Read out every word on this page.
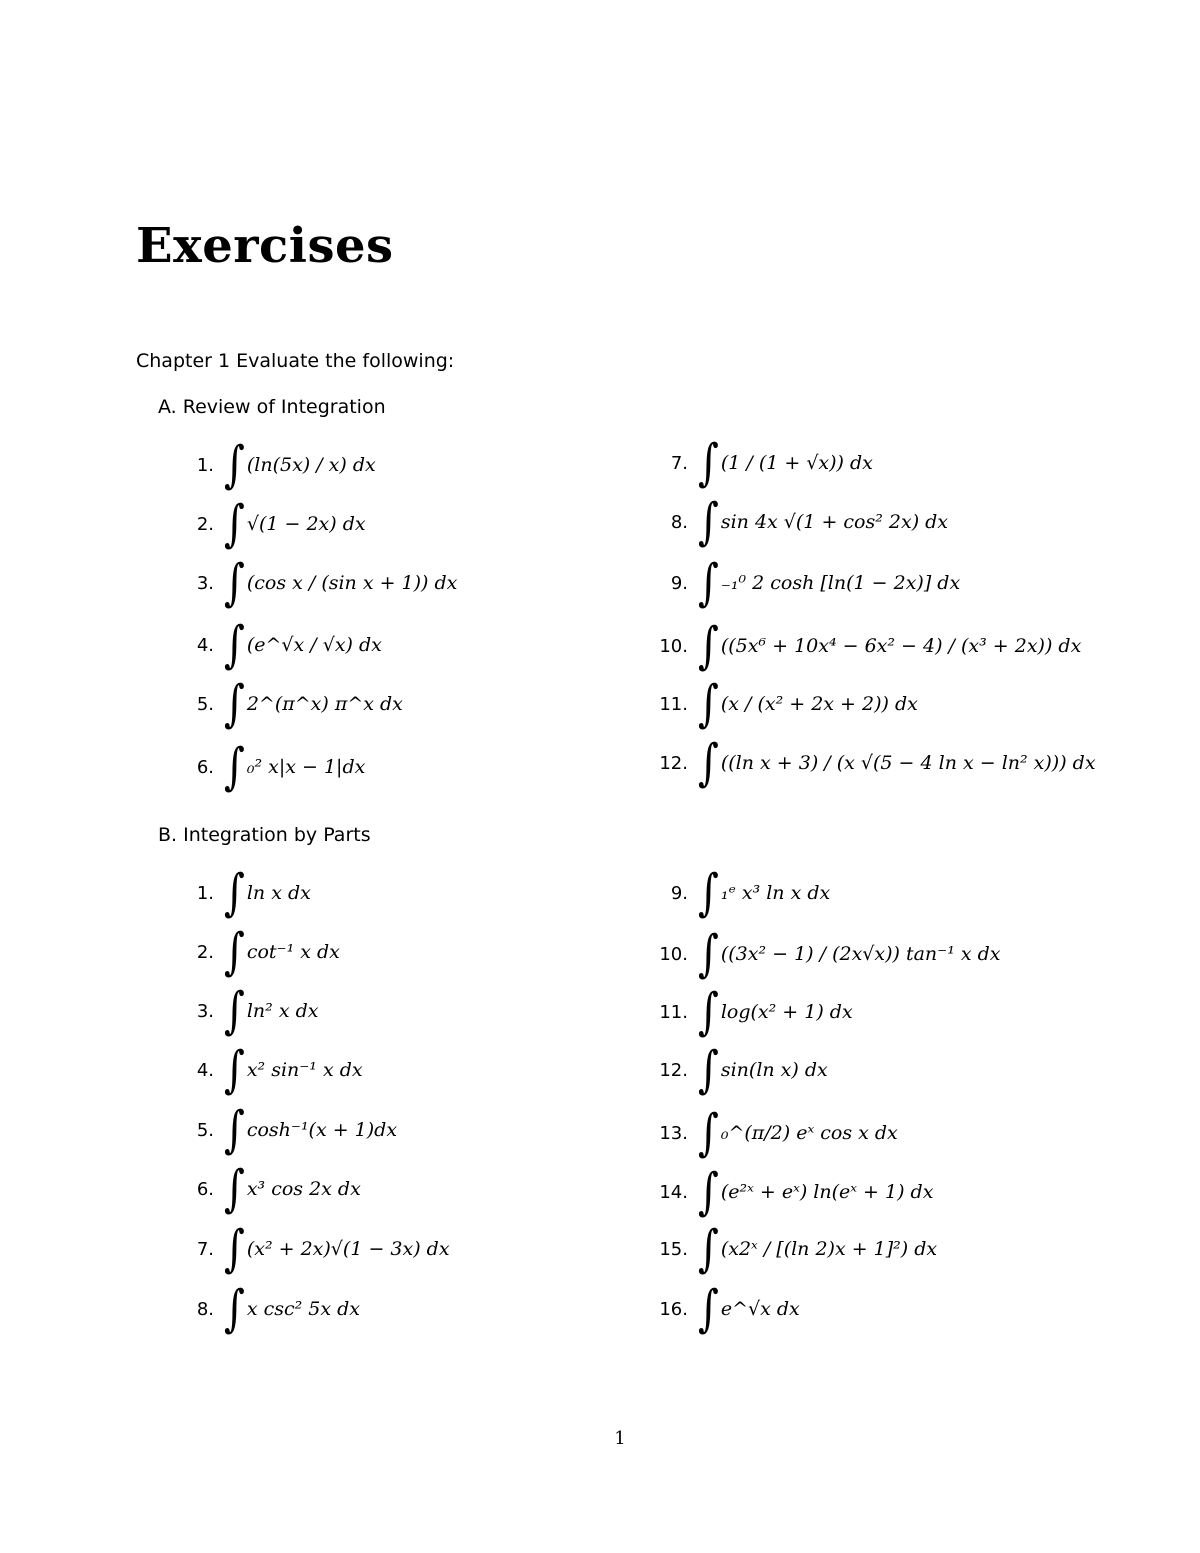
Exercises
Chapter 1 Evaluate the following:
A. Review of Integration
1. ∫ (ln(5x) / x) dx
2. ∫ √(1 − 2x) dx
3. ∫ (cos x / (sin x + 1)) dx
4. ∫ (e^√x / √x) dx
5. ∫ 2^(π^x) π^x dx
6. ∫ ₀² x|x − 1|dx
7. ∫ (1 / (1 + √x)) dx
8. ∫ sin 4x √(1 + cos² 2x) dx
9. ∫ ₋₁⁰ 2 cosh [ln(1 − 2x)] dx
10. ∫ ((5x⁶ + 10x⁴ − 6x² − 4) / (x³ + 2x)) dx
11. ∫ (x / (x² + 2x + 2)) dx
12. ∫ ((ln x + 3) / (x √(5 − 4 ln x − ln² x))) dx
B. Integration by Parts
1. ∫ ln x dx
2. ∫ cot⁻¹ x dx
3. ∫ ln² x dx
4. ∫ x² sin⁻¹ x dx
5. ∫ cosh⁻¹(x + 1)dx
6. ∫ x³ cos 2x dx
7. ∫ (x² + 2x)√(1 − 3x) dx
8. ∫ x csc² 5x dx
9. ∫ ₁ᵉ x³ ln x dx
10. ∫ ((3x² − 1) / (2x√x)) tan⁻¹ x dx
11. ∫ log(x² + 1) dx
12. ∫ sin(ln x) dx
13. ∫ ₀^(π/2) eˣ cos x dx
14. ∫ (e²ˣ + eˣ) ln(eˣ + 1) dx
15. ∫ (x2ˣ / [(ln 2)x + 1]²) dx
16. ∫ e^√x dx
1
